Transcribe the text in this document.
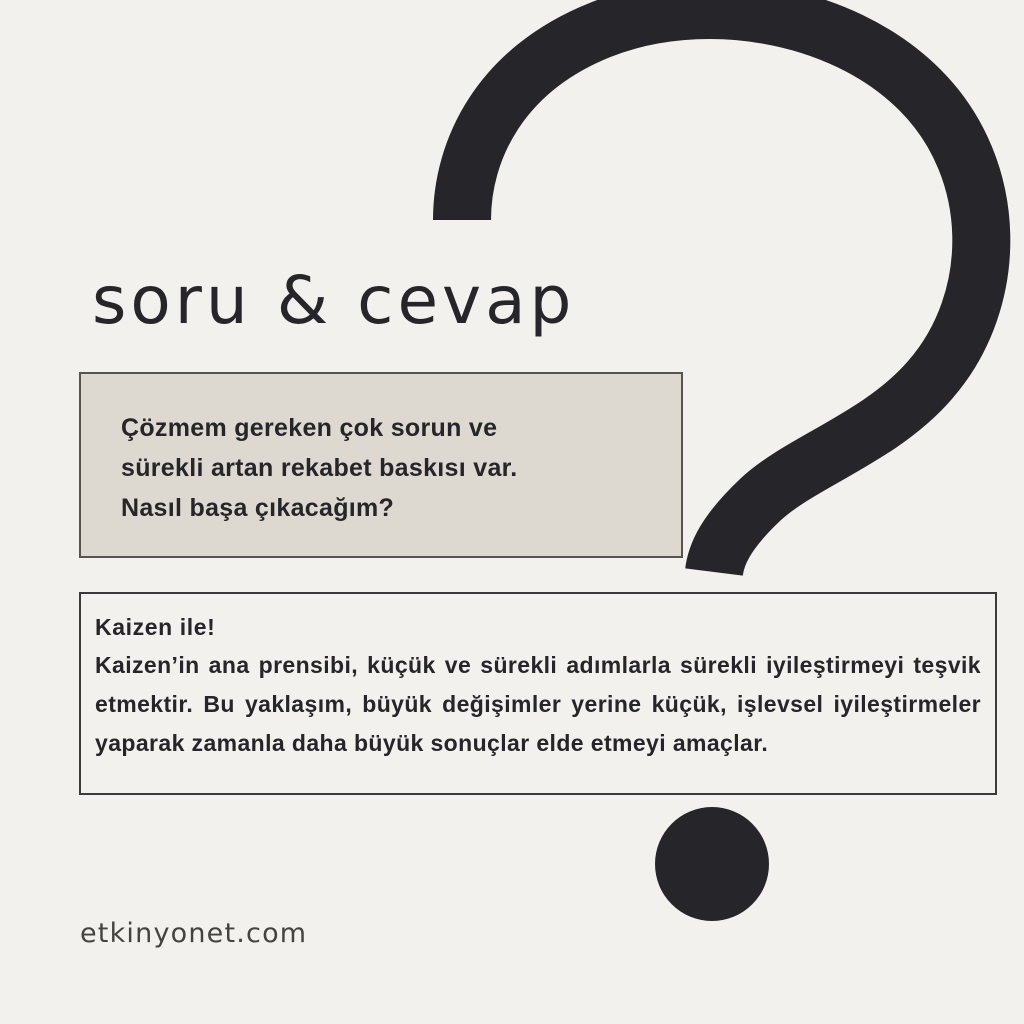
soru & cevap
Çözmem gereken çok sorun ve
sürekli artan rekabet baskısı var.
Nasıl başa çıkacağım?
Kaizen ile!
Kaizen’in ana prensibi, küçük ve sürekli adımlarla sürekli iyileştirmeyi teşvik etmektir. Bu yaklaşım, büyük değişimler yerine küçük, işlevsel iyileştirmeler yaparak zamanla daha büyük sonuçlar elde etmeyi amaçlar.
etkinyonet.com
